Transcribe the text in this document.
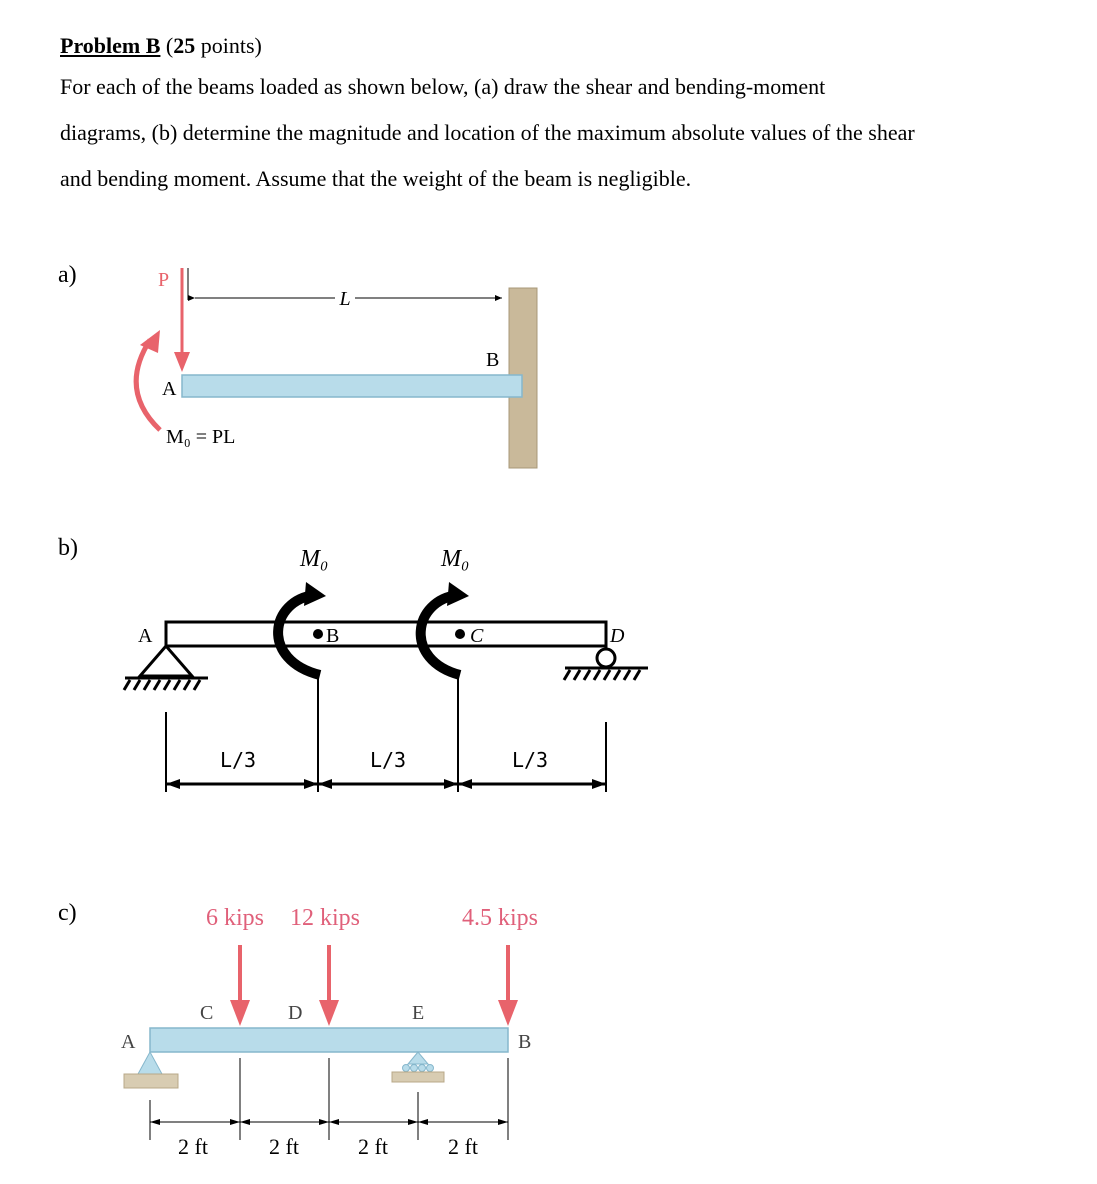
Problem B (25 points)

For each of the beams loaded as shown below, (a) draw the shear and bending-moment

diagrams, (b) determine the magnitude and location of the maximum absolute values of the shear

and bending moment. Assume that the weight of the beam is negligible.

a)
b)
c)
L
P
A
B
M₀ = PL
A	D
B
M₀
C
M₀
L/3	L/3	L/3
6 kips 12 kips	4.5 kips
A
C	D	E
B
2 ft	2 ft	2 ft	2 ft
